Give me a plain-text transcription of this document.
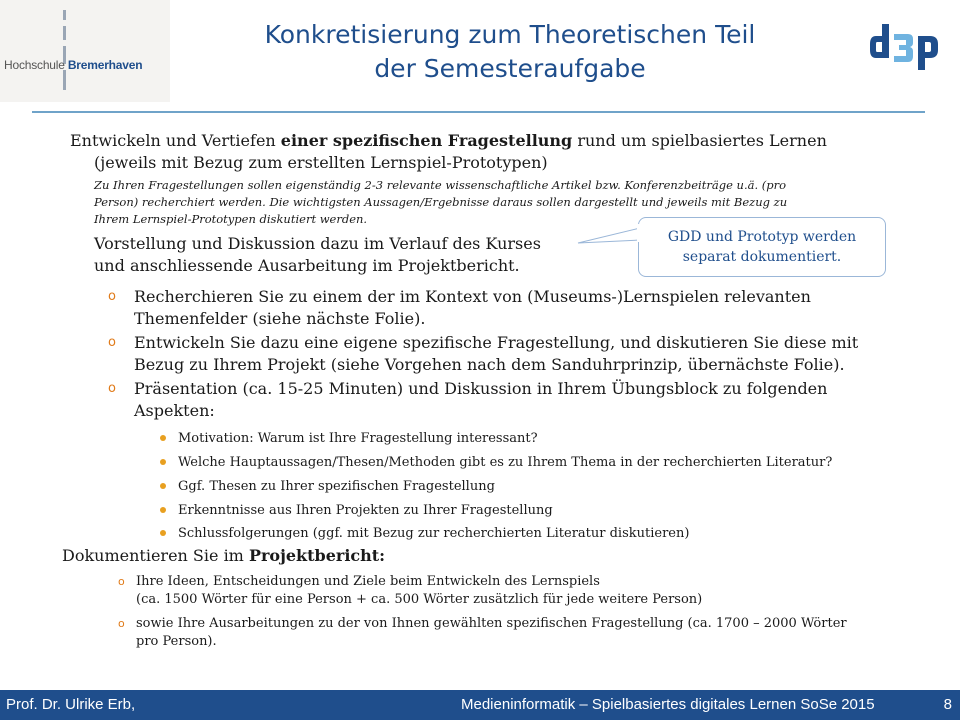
Hochschule Bremerhaven
Konkretisierung zum Theoretischen Teil
der Semesteraufgabe
Entwickeln und Vertiefen einer spezifischen Fragestellung rund um spielbasiertes Lernen
(jeweils mit Bezug zum erstellten Lernspiel-Prototypen)
Zu Ihren Fragestellungen sollen eigenständig 2-3 relevante wissenschaftliche Artikel bzw. Konferenzbeiträge u.ä. (pro
Person) recherchiert werden. Die wichtigsten Aussagen/Ergebnisse daraus sollen dargestellt und jeweils mit Bezug zu
Ihrem Lernspiel-Prototypen diskutiert werden.
Vorstellung und Diskussion dazu im Verlauf des Kurses
und anschliessende Ausarbeitung im Projektbericht.
GDD und Prototyp werden
separat dokumentiert.
o Recherchieren Sie zu einem der im Kontext von (Museums-)Lernspielen relevanten
Themenfelder (siehe nächste Folie).
o Entwickeln Sie dazu eine eigene spezifische Fragestellung, und diskutieren Sie diese mit
Bezug zu Ihrem Projekt (siehe Vorgehen nach dem Sanduhrprinzip, übernächste Folie).
o Präsentation (ca. 15-25 Minuten) und Diskussion in Ihrem Übungsblock zu folgenden
Aspekten:
Motivation: Warum ist Ihre Fragestellung interessant?
Welche Hauptaussagen/Thesen/Methoden gibt es zu Ihrem Thema in der recherchierten Literatur?
Ggf. Thesen zu Ihrer spezifischen Fragestellung
Erkenntnisse aus Ihren Projekten zu Ihrer Fragestellung
Schlussfolgerungen (ggf. mit Bezug zur recherchierten Literatur diskutieren)
Dokumentieren Sie im Projektbericht:
o Ihre Ideen, Entscheidungen und Ziele beim Entwickeln des Lernspiels
(ca. 1500 Wörter für eine Person + ca. 500 Wörter zusätzlich für jede weitere Person)
o sowie Ihre Ausarbeitungen zu der von Ihnen gewählten spezifischen Fragestellung (ca. 1700 – 2000 Wörter
pro Person).
Prof. Dr. Ulrike Erb,	Medieninformatik – Spielbasiertes digitales Lernen SoSe 2015	8
